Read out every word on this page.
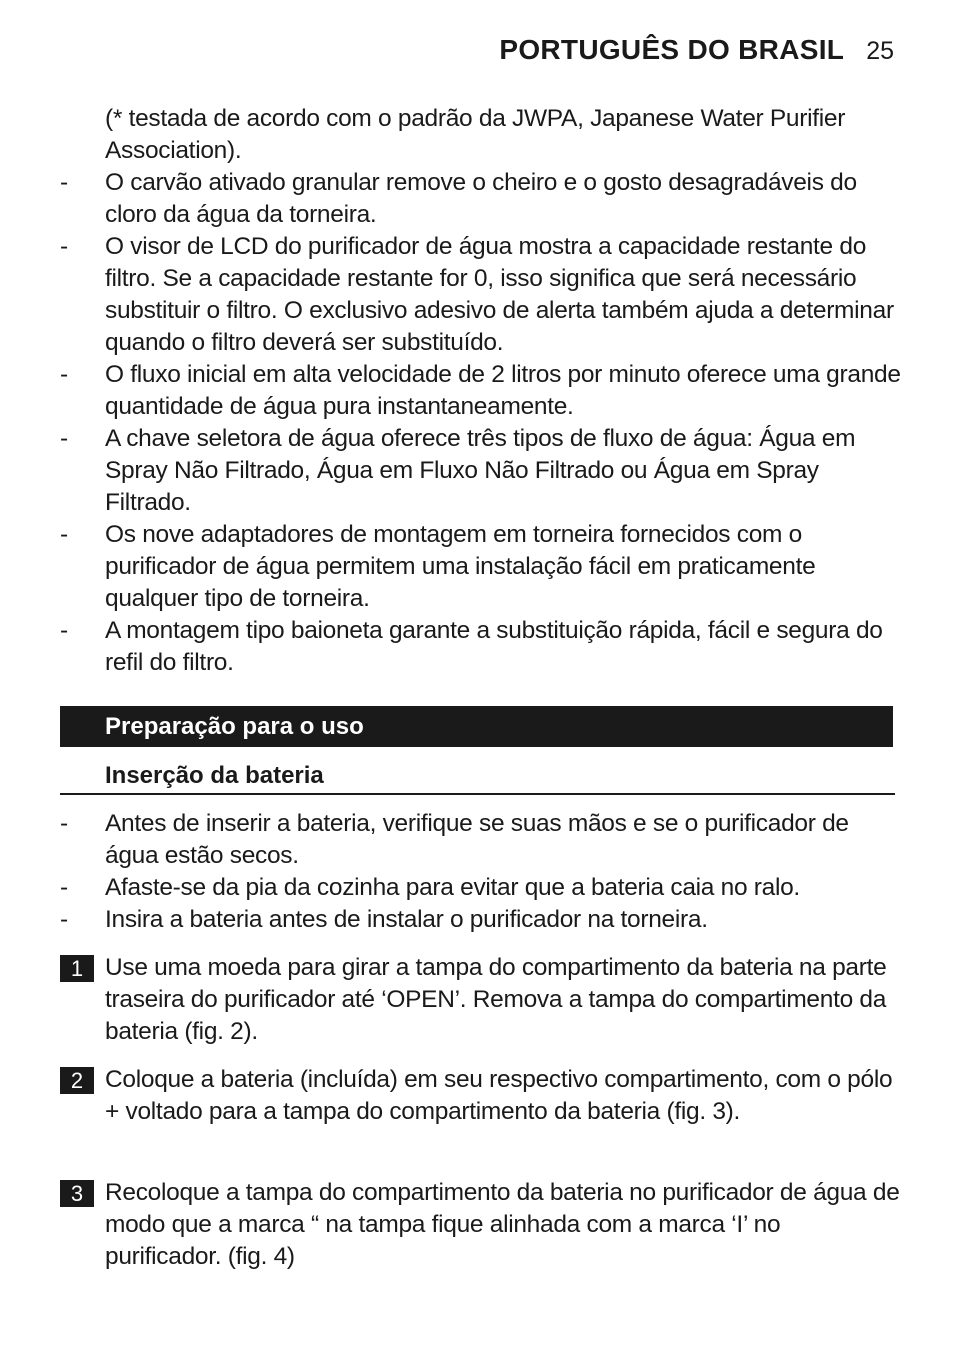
PORTUGUÊS DO BRASIL 25
(* testada de acordo com o padrão da JWPA, Japanese Water Purifier Association).
- O carvão ativado granular remove o cheiro e o gosto desagradáveis do cloro da água da torneira.
- O visor de LCD do purificador de água mostra a capacidade restante do filtro. Se a capacidade restante for 0, isso significa que será necessário substituir o filtro. O exclusivo adesivo de alerta também ajuda a determinar quando o filtro deverá ser substituído.
- O fluxo inicial em alta velocidade de 2 litros por minuto oferece uma grande quantidade de água pura instantaneamente.
- A chave seletora de água oferece três tipos de fluxo de água: Água em Spray Não Filtrado, Água em Fluxo Não Filtrado ou Água em Spray Filtrado.
- Os nove adaptadores de montagem em torneira fornecidos com o purificador de água permitem uma instalação fácil em praticamente qualquer tipo de torneira.
- A montagem tipo baioneta garante a substituição rápida, fácil e segura do refil do filtro.
Preparação para o uso
Inserção da bateria
- Antes de inserir a bateria, verifique se suas mãos e se o purificador de água estão secos.
- Afaste-se da pia da cozinha para evitar que a bateria caia no ralo.
- Insira a bateria antes de instalar o purificador na torneira.
1 Use uma moeda para girar a tampa do compartimento da bateria na parte traseira do purificador até ‘OPEN’. Remova a tampa do compartimento da bateria (fig. 2).
2 Coloque a bateria (incluída) em seu respectivo compartimento, com o pólo + voltado para a tampa do compartimento da bateria (fig. 3).
3 Recoloque a tampa do compartimento da bateria no purificador de água de modo que a marca “ na tampa fique alinhada com a marca ‘I’ no purificador. (fig. 4)
